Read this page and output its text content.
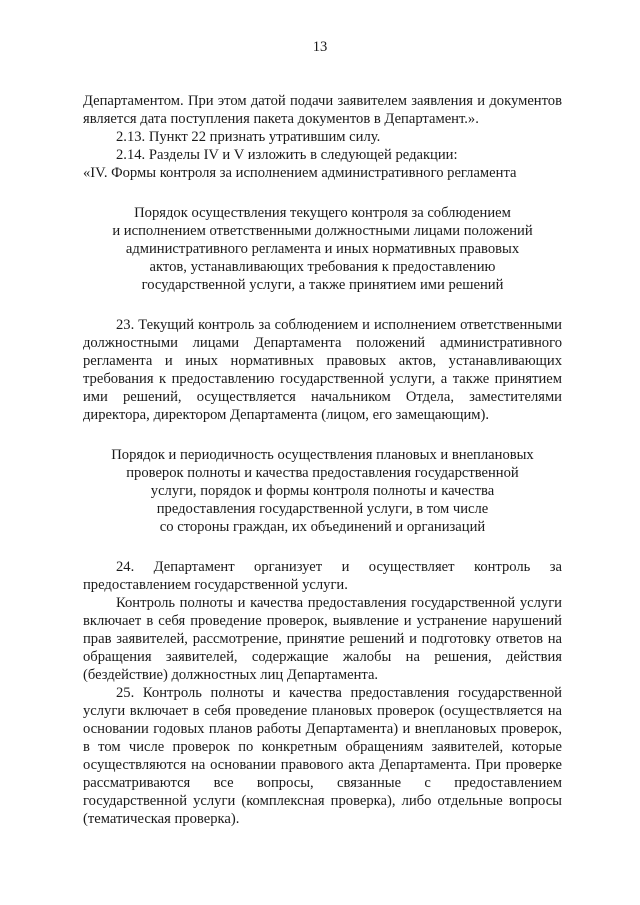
13

Департаментом. При этом датой подачи заявителем заявления и документов является дата поступления пакета документов в Департамент.».

2.13. Пункт 22 признать утратившим силу.

2.14. Разделы IV и V изложить в следующей редакции:

«IV. Формы контроля за исполнением административного регламента

Порядок осуществления текущего контроля за соблюдением
и исполнением ответственными должностными лицами положений
административного регламента и иных нормативных правовых
актов, устанавливающих требования к предоставлению
государственной услуги, а также принятием ими решений

23. Текущий контроль за соблюдением и исполнением ответственными должностными лицами Департамента положений административного регламента и иных нормативных правовых актов, устанавливающих требования к предоставлению государственной услуги, а также принятием ими решений, осуществляется начальником Отдела, заместителями директора, директором Департамента (лицом, его замещающим).

Порядок и периодичность осуществления плановых и внеплановых
проверок полноты и качества предоставления государственной
услуги, порядок и формы контроля полноты и качества
предоставления государственной услуги, в том числе
со стороны граждан, их объединений и организаций

24. Департамент организует и осуществляет контроль за предоставлением государственной услуги.

Контроль полноты и качества предоставления государственной услуги включает в себя проведение проверок, выявление и устранение нарушений прав заявителей, рассмотрение, принятие решений и подготовку ответов на обращения заявителей, содержащие жалобы на решения, действия (бездействие) должностных лиц Департамента.

25. Контроль полноты и качества предоставления государственной услуги включает в себя проведение плановых проверок (осуществляется на основании годовых планов работы Департамента) и внеплановых проверок, в том числе проверок по конкретным обращениям заявителей, которые осуществляются на основании правового акта Департамента. При проверке рассматриваются все вопросы, связанные с предоставлением государственной услуги (комплексная проверка), либо отдельные вопросы (тематическая проверка).
